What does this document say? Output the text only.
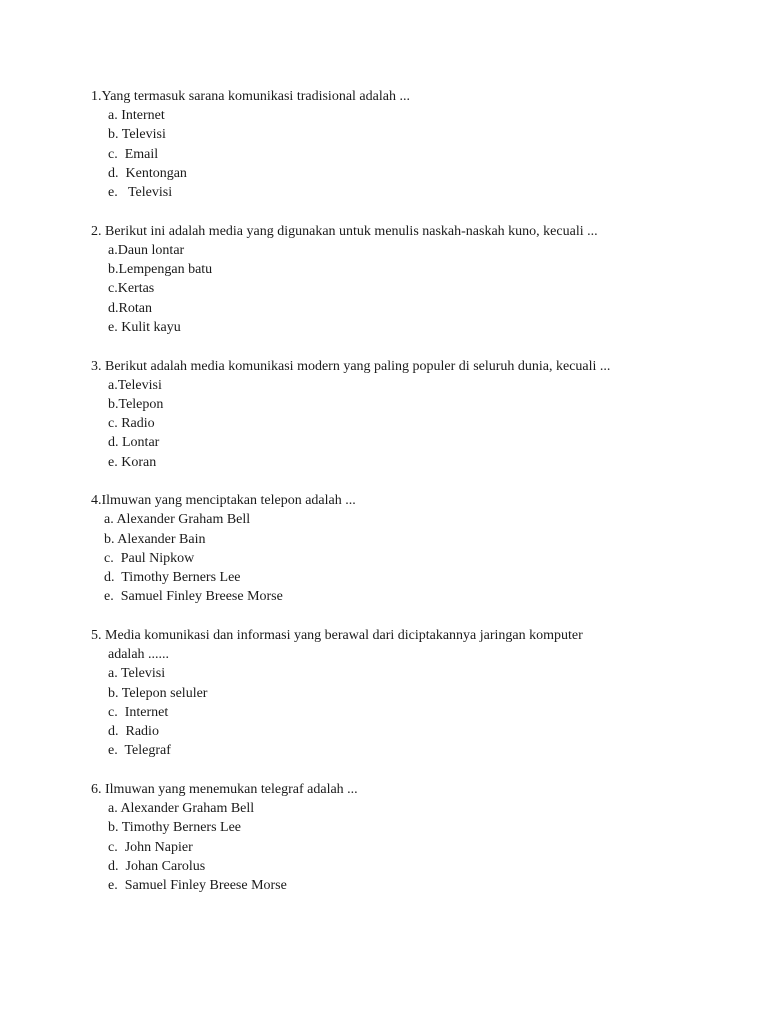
1.Yang termasuk sarana komunikasi tradisional adalah ...
a. Internet
b. Televisi
c.  Email
d.  Kentongan
e.   Televisi
2. Berikut ini adalah media yang digunakan untuk menulis naskah-naskah kuno, kecuali ...
a.Daun lontar
b.Lempengan batu
c.Kertas
d.Rotan
e. Kulit kayu
3. Berikut adalah media komunikasi modern yang paling populer di seluruh dunia, kecuali ...
a.Televisi
b.Telepon
c. Radio
d. Lontar
e. Koran
4.Ilmuwan yang menciptakan telepon adalah ...
a. Alexander Graham Bell
b. Alexander Bain
c.  Paul Nipkow
d.  Timothy Berners Lee
e.  Samuel Finley Breese Morse
5. Media komunikasi dan informasi yang berawal dari diciptakannya jaringan komputer
adalah ......
a. Televisi
b. Telepon seluler
c.  Internet
d.  Radio
e.  Telegraf
6. Ilmuwan yang menemukan telegraf adalah ...
a. Alexander Graham Bell
b. Timothy Berners Lee
c.  John Napier
d.  Johan Carolus
e.  Samuel Finley Breese Morse
